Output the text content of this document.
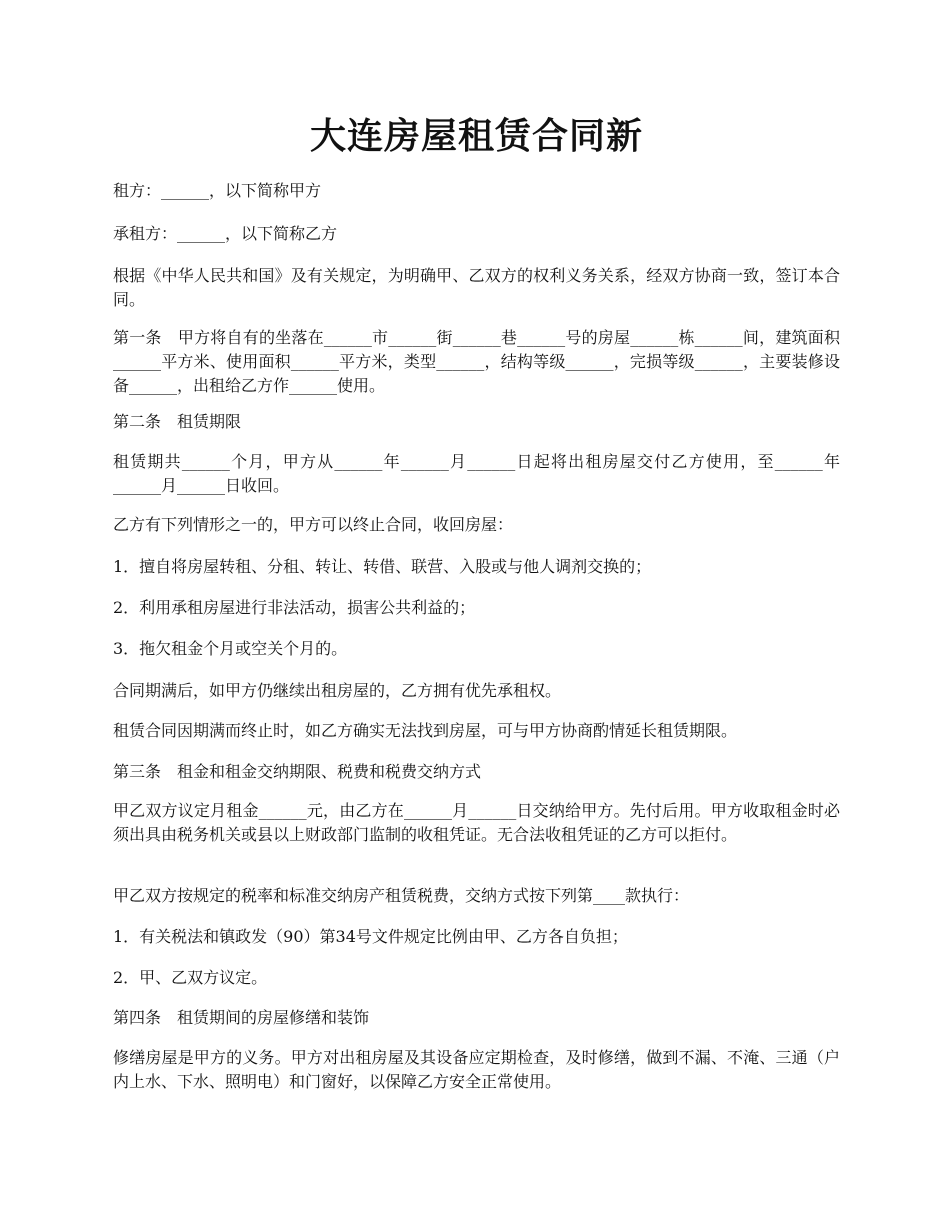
大连房屋租赁合同新

租方：______，以下简称甲方

承租方：______，以下简称乙方

根据《中华人民共和国》及有关规定，为明确甲、乙双方的权利义务关系，经双方协商一致，签订本合同。

第一条　甲方将自有的坐落在______市______街______巷______号的房屋______栋______间，建筑面积______平方米、使用面积______平方米，类型______，结构等级______，完损等级______，主要装修设备______，出租给乙方作______使用。

第二条　租赁期限

租赁期共______个月，甲方从______年______月______日起将出租房屋交付乙方使用，至______年______月______日收回。

乙方有下列情形之一的，甲方可以终止合同，收回房屋：

1．擅自将房屋转租、分租、转让、转借、联营、入股或与他人调剂交换的；

2．利用承租房屋进行非法活动，损害公共利益的；

3．拖欠租金个月或空关个月的。

合同期满后，如甲方仍继续出租房屋的，乙方拥有优先承租权。

租赁合同因期满而终止时，如乙方确实无法找到房屋，可与甲方协商酌情延长租赁期限。

第三条　租金和租金交纳期限、税费和税费交纳方式

甲乙双方议定月租金______元，由乙方在______月______日交纳给甲方。先付后用。甲方收取租金时必须出具由税务机关或县以上财政部门监制的收租凭证。无合法收租凭证的乙方可以拒付。

甲乙双方按规定的税率和标准交纳房产租赁税费，交纳方式按下列第____款执行：

1．有关税法和镇政发（90）第34号文件规定比例由甲、乙方各自负担；

2．甲、乙双方议定。

第四条　租赁期间的房屋修缮和装饰

修缮房屋是甲方的义务。甲方对出租房屋及其设备应定期检查，及时修缮，做到不漏、不淹、三通（户内上水、下水、照明电）和门窗好，以保障乙方安全正常使用。
